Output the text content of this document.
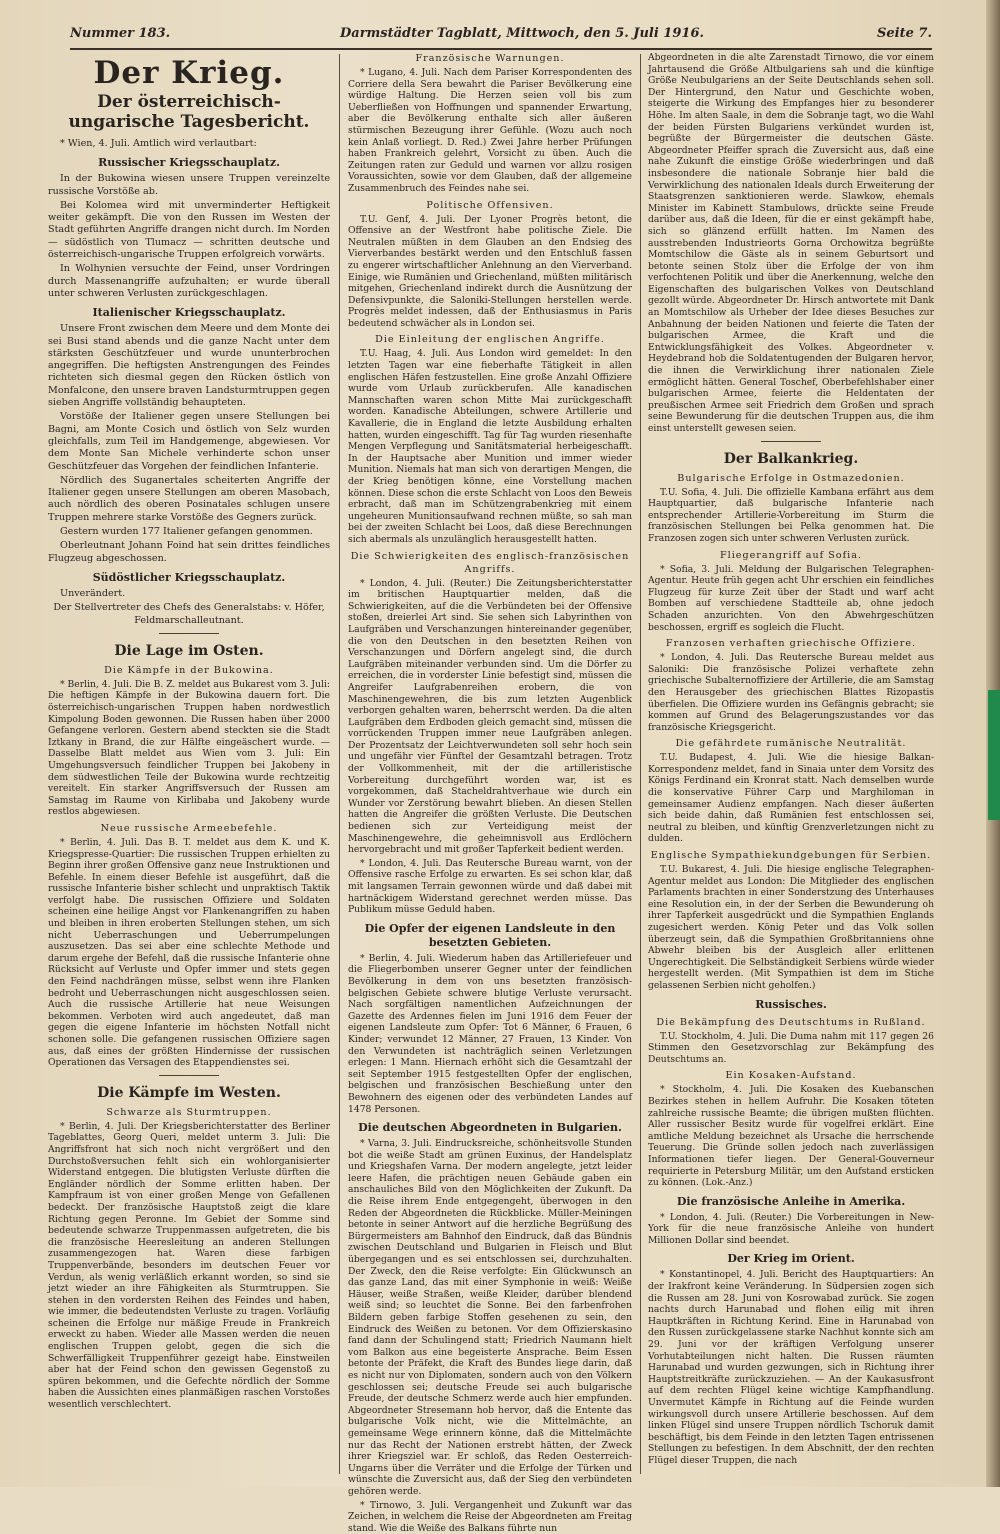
Nummer 183.	Darmstädter Tagblatt, Mittwoch, den 5. Juli 1916.	Seite 7.
Der Krieg.
Der österreichisch-ungarische Tagesbericht.

* Wien, 4. Juli. Amtlich wird verlautbart:

Russischer Kriegsschauplatz.

In der Bukowina wiesen unsere Truppen vereinzelte russische Vorstöße ab.

Bei Kolomea wird mit unverminderter Heftigkeit weiter gekämpft. Die von den Russen im Westen der Stadt geführten Angriffe drangen nicht durch. Im Norden — südöstlich von Tlumacz — schritten deutsche und österreichisch-ungarische Truppen erfolgreich vorwärts.

In Wolhynien versuchte der Feind, unser Vordringen durch Massenangriffe aufzuhalten; er wurde überall unter schweren Verlusten zurückgeschlagen.

Italienischer Kriegsschauplatz.

Unsere Front zwischen dem Meere und dem Monte dei sei Busi stand abends und die ganze Nacht unter dem stärksten Geschützfeuer und wurde ununterbrochen angegriffen. Die heftigsten Anstrengungen des Feindes richteten sich diesmal gegen den Rücken östlich von Monfalcone, den unsere braven Landsturmtruppen gegen sieben Angriffe vollständig behaupteten.

Vorstöße der Italiener gegen unsere Stellungen bei Bagni, am Monte Cosich und östlich von Selz wurden gleichfalls, zum Teil im Handgemenge, abgewiesen. Vor dem Monte San Michele verhinderte schon unser Geschützfeuer das Vorgehen der feindlichen Infanterie.

Nördlich des Suganertales scheiterten Angriffe der Italiener gegen unsere Stellungen am oberen Masobach, auch nördlich des oberen Posinatales schlugen unsere Truppen mehrere starke Vorstöße des Gegners zurück.

Gestern wurden 177 Italiener gefangen genommen.

Oberleutnant Johann Foind hat sein drittes feindliches Flugzeug abgeschossen.

Südöstlicher Kriegsschauplatz.

Unverändert.

Der Stellvertreter des Chefs des Generalstabs: v. Höfer, Feldmarschalleutnant.

Die Lage im Osten.
Die Kämpfe in der Bukowina.

* Berlin, 4. Juli. Die B. Z. meldet aus Bukarest vom 3. Juli: Die heftigen Kämpfe in der Bukowina dauern fort. Die österreichisch-ungarischen Truppen haben nordwestlich Kimpolung Boden gewonnen. Die Russen haben über 2000 Gefangene verloren. Gestern abend steckten sie die Stadt Iztkany in Brand, die zur Hälfte eingeäschert wurde. — Dasselbe Blatt meldet aus Wien vom 3. Juli: Ein Umgehungsversuch feindlicher Truppen bei Jakobeny in dem südwestlichen Teile der Bukowina wurde rechtzeitig vereitelt. Ein starker Angriffsversuch der Russen am Samstag im Raume von Kirlibaba und Jakobeny wurde restlos abgewiesen.

Neue russische Armeebefehle.

* Berlin, 4. Juli. Das B. T. meldet aus dem K. und K. Kriegspresse-Quartier: Die russischen Truppen erhielten zu Beginn ihrer großen Offensive ganz neue Instruktionen und Befehle. In einem dieser Befehle ist ausgeführt, daß die russische Infanterie bisher schlecht und unpraktisch Taktik verfolgt habe. Die russischen Offiziere und Soldaten scheinen eine heilige Angst vor Flankenangriffen zu haben und bleiben in ihren eroberten Stellungen stehen, um sich nicht Ueberraschungen und Ueberrumpelungen auszusetzen. Das sei aber eine schlechte Methode und darum ergehe der Befehl, daß die russische Infanterie ohne Rücksicht auf Verluste und Opfer immer und stets gegen den Feind nachdrängen müsse, selbst wenn ihre Flanken bedroht und Ueberraschungen nicht ausgeschlossen seien. Auch die russische Artillerie hat neue Weisungen bekommen. Verboten wird auch angedeutet, daß man gegen die eigene Infanterie im höchsten Notfall nicht schonen solle. Die gefangenen russischen Offiziere sagen aus, daß eines der größten Hindernisse der russischen Operationen das Versagen des Etappendienstes sei.

Die Kämpfe im Westen.
Schwarze als Sturmtruppen.

* Berlin, 4. Juli. Der Kriegsberichterstatter des Berliner Tageblattes, Georg Queri, meldet unterm 3. Juli: Die Angriffsfront hat sich noch nicht vergrößert und den Durchstoßversuchen fehlt sich ein wohlorganisierter Widerstand entgegen. Die blutigsten Verluste dürften die Engländer nördlich der Somme erlitten haben. Der Kampfraum ist von einer großen Menge von Gefallenen bedeckt. Der französische Hauptstoß zeigt die klare Richtung gegen Peronne. Im Gebiet der Somme sind bedeutende schwarze Truppenmassen aufgetreten, die bis die französische Heeresleitung an anderen Stellungen zusammengezogen hat. Waren diese farbigen Truppenverbände, besonders im deutschen Feuer vor Verdun, als wenig verläßlich erkannt worden, so sind sie jetzt wieder an ihre Fähigkeiten als Sturmtruppen. Sie stehen in den vordersten Reihen des Feindes und haben, wie immer, die bedeutendsten Verluste zu tragen. Vorläufig scheinen die Erfolge nur mäßige Freude in Frankreich erweckt zu haben. Wieder alle Massen werden die neuen englischen Truppen gelobt, gegen die sich die Schwerfälligkeit Truppenführer gezeigt habe. Einstweilen aber hat der Feind schon den gewissen Gegenstoß zu spüren bekommen, und die Gefechte nördlich der Somme haben die Aussichten eines planmäßigen raschen Vorstoßes wesentlich verschlechtert.

Französische Warnungen.

* Lugano, 4. Juli. Nach dem Pariser Korrespondenten des Corriere della Sera bewahrt die Pariser Bevölkerung eine würdige Haltung. Die Herzen seien voll bis zum Ueberfließen von Hoffnungen und spannender Erwartung, aber die Bevölkerung enthalte sich aller äußeren stürmischen Bezeugung ihrer Gefühle. (Wozu auch noch kein Anlaß vorliegt. D. Red.) Zwei Jahre herber Prüfungen haben Frankreich gelehrt, Vorsicht zu üben. Auch die Zeitungen raten zur Geduld und warnen vor allzu rosigen Voraussichten, sowie vor dem Glauben, daß der allgemeine Zusammenbruch des Feindes nahe sei.

Politische Offensiven.

T.U. Genf, 4. Juli. Der Lyoner Progrès betont, die Offensive an der Westfront habe politische Ziele. Die Neutralen müßten in dem Glauben an den Endsieg des Vierverbandes bestärkt werden und den Entschluß fassen zu engerer wirtschaftlicher Anlehnung an den Vierverband. Einige, wie Rumänien und Griechenland, müßten militärisch mitgehen, Griechenland indirekt durch die Ausnützung der Defensivpunkte, die Saloniki-Stellungen herstellen werde. Progrès meldet indessen, daß der Enthusiasmus in Paris bedeutend schwächer als in London sei.

Die Einleitung der englischen Angriffe.

T.U. Haag, 4. Juli. Aus London wird gemeldet: In den letzten Tagen war eine fieberhafte Tätigkeit in allen englischen Häfen festzustellen. Eine große Anzahl Offiziere wurde vom Urlaub zurückberufen. Alle kanadischen Mannschaften waren schon Mitte Mai zurückgeschafft worden. Kanadische Abteilungen, schwere Artillerie und Kavallerie, die in England die letzte Ausbildung erhalten hatten, wurden eingeschifft. Tag für Tag wurden riesenhafte Mengen Verpflegung und Sanitätsmaterial herbeigeschafft. In der Hauptsache aber Munition und immer wieder Munition. Niemals hat man sich von derartigen Mengen, die der Krieg benötigen könne, eine Vorstellung machen können. Diese schon die erste Schlacht von Loos den Beweis erbracht, daß man im Schützengrabenkrieg mit einem ungeheuren Munitionsaufwand rechnen müßte, so sah man bei der zweiten Schlacht bei Loos, daß diese Berechnungen sich abermals als unzulänglich herausgestellt hatten.

Die Schwierigkeiten des englisch-französischen Angriffs.

* London, 4. Juli. (Reuter.) Die Zeitungsberichterstatter im britischen Hauptquartier melden, daß die Schwierigkeiten, auf die die Verbündeten bei der Offensive stoßen, dreierlei Art sind. Sie sehen sich Labyrinthen von Laufgräben und Verschanzungen hintereinander gegenüber, die von den Deutschen in den besetzten Reihen von Verschanzungen und Dörfern angelegt sind, die durch Laufgräben miteinander verbunden sind. Um die Dörfer zu erreichen, die in vorderster Linie befestigt sind, müssen die Angreifer Laufgrabenreihen erobern, die von Maschinengewehren, die bis zum letzten Augenblick verborgen gehalten waren, beherrscht werden. Da die alten Laufgräben dem Erdboden gleich gemacht sind, müssen die vorrückenden Truppen immer neue Laufgräben anlegen. Der Prozentsatz der Leichtverwundeten soll sehr hoch sein und ungefähr vier Fünftel der Gesamtzahl betragen. Trotz der Vollkommenheit, mit der die artilleristische Vorbereitung durchgeführt worden war, ist es vorgekommen, daß Stacheldrahtverhaue wie durch ein Wunder vor Zerstörung bewahrt blieben. An diesen Stellen hatten die Angreifer die größten Verluste. Die Deutschen bedienen sich zur Verteidigung meist der Maschinengewehre, die geheimnisvoll aus Erdlöchern hervorgebracht und mit großer Tapferkeit bedient werden.

* London, 4. Juli. Das Reutersche Bureau warnt, von der Offensive rasche Erfolge zu erwarten. Es sei schon klar, daß mit langsamen Terrain gewonnen würde und daß dabei mit hartnäckigem Widerstand gerechnet werden müsse. Das Publikum müsse Geduld haben.

Die Opfer der eigenen Landsleute in den besetzten Gebieten.

* Berlin, 4. Juli. Wiederum haben das Artilleriefeuer und die Fliegerbomben unserer Gegner unter der feindlichen Bevölkerung in dem von uns besetzten französisch-belgischen Gebiete schwere blutige Verluste verursacht. Nach sorgfältigen namentlichen Aufzeichnungen der Gazette des Ardennes fielen im Juni 1916 dem Feuer der eigenen Landsleute zum Opfer: Tot 6 Männer, 6 Frauen, 6 Kinder; verwundet 12 Männer, 27 Frauen, 13 Kinder. Von den Verwundeten ist nachträglich seinen Verletzungen erlegen: 1 Mann. Hiernach erhöht sich die Gesamtzahl der seit September 1915 festgestellten Opfer der englischen, belgischen und französischen Beschießung unter den Bewohnern des eigenen oder des verbündeten Landes auf 1478 Personen.

Die deutschen Abgeordneten in Bulgarien.

* Varna, 3. Juli. Eindrucksreiche, schönheitsvolle Stunden bot die weiße Stadt am grünen Euxinus, der Handelsplatz und Kriegshafen Varna. Der modern angelegte, jetzt leider leere Hafen, die prächtigen neuen Gebäude gaben ein anschauliches Bild von den Möglichkeiten der Zukunft. Da die Reise ihrem Ende entgegengeht, überwogen in den Reden der Abgeordneten die Rückblicke. Müller-Meiningen betonte in seiner Antwort auf die herzliche Begrüßung des Bürgermeisters am Bahnhof den Eindruck, daß das Bündnis zwischen Deutschland und Bulgarien in Fleisch und Blut übergegangen und es sei entschlossen sei, durchzuhalten. Der Zweck, den die Reise verfolgte: Ein Glückwunsch an das ganze Land, das mit einer Symphonie in weiß: Weiße Häuser, weiße Straßen, weiße Kleider, darüber blendend weiß sind; so leuchtet die Sonne. Bei den farbenfrohen Bildern geben farbige Stoffen gesehenen zu sein, den Eindruck des Weißen zu betonen. Vor dem Offizierskasino fand dann der Schulingend statt; Friedrich Naumann hielt vom Balkon aus eine begeisterte Ansprache. Beim Essen betonte der Präfekt, die Kraft des Bundes liege darin, daß es nicht nur von Diplomaten, sondern auch von den Völkern geschlossen sei; deutsche Freude sei auch bulgarische Freude, der deutsche Schmerz werde auch hier empfunden. Abgeordneter Stresemann hob hervor, daß die Entente das bulgarische Volk nicht, wie die Mittelmächte, an gemeinsame Wege erinnern könne, daß die Mittelmächte nur das Recht der Nationen erstrebt hätten, der Zweck ihrer Kriegsziel war. Er schloß, das Reden Oesterreich-Ungarns über die Verräter und die Erfolge der Türken und wünschte die Zuversicht aus, daß der Sieg den verbündeten gehören werde.

* Tirnowo, 3. Juli. Vergangenheit und Zukunft war das Zeichen, in welchem die Reise der Abgeordneten am Freitag stand. Wie die Weiße des Balkans führte nun

Abgeordneten in die alte Zarenstadt Tirnowo, die vor einem Jahrtausend die Größe Altbulgariens sah und die künftige Größe Neubulgariens an der Seite Deutschlands sehen soll. Der Hintergrund, den Natur und Geschichte woben, steigerte die Wirkung des Empfanges hier zu besonderer Höhe. Im alten Saale, in dem die Sobranje tagt, wo die Wahl der beiden Fürsten Bulgariens verkündet wurden ist, begrüßte der Bürgermeister die deutschen Gäste. Abgeordneter Pfeiffer sprach die Zuversicht aus, daß eine nahe Zukunft die einstige Größe wiederbringen und daß insbesondere die nationale Sobranje hier bald die Verwirklichung des nationalen Ideals durch Erweiterung der Staatsgrenzen sanktionieren werde. Slawkow, ehemals Minister im Kabinett Stambulows, drückte seine Freude darüber aus, daß die Ideen, für die er einst gekämpft habe, sich so glänzend erfüllt hatten. Im Namen des ausstrebenden Industrieorts Gorna Orchowitza begrüßte Momtschilow die Gäste als in seinem Geburtsort und betonte seinen Stolz über die Erfolge der von ihm verfochtenen Politik und über die Anerkennung, welche den Eigenschaften des bulgarischen Volkes von Deutschland gezollt würde. Abgeordneter Dr. Hirsch antwortete mit Dank an Momtschilow als Urheber der Idee dieses Besuches zur Anbahnung der beiden Nationen und feierte die Taten der bulgarischen Armee, die Kraft und die Entwicklungsfähigkeit des Volkes. Abgeordneter v. Heydebrand hob die Soldatentugenden der Bulgaren hervor, die ihnen die Verwirklichung ihrer nationalen Ziele ermöglicht hätten. General Toschef, Oberbefehlshaber einer bulgarischen Armee, feierte die Heldentaten der preußischen Armee seit Friedrich dem Großen und sprach seine Bewunderung für die deutschen Truppen aus, die ihm einst unterstellt gewesen seien.

Der Balkankrieg.
Bulgarische Erfolge in Ostmazedonien.

T.U. Sofia, 4. Juli. Die offizielle Kambana erfährt aus dem Hauptquartier, daß bulgarische Infanterie nach entsprechender Artillerie-Vorbereitung im Sturm die französischen Stellungen bei Pelka genommen hat. Die Franzosen zogen sich unter schweren Verlusten zurück.

Fliegerangriff auf Sofia.

* Sofia, 3. Juli. Meldung der Bulgarischen Telegraphen-Agentur. Heute früh gegen acht Uhr erschien ein feindliches Flugzeug für kurze Zeit über der Stadt und warf acht Bomben auf verschiedene Stadtteile ab, ohne jedoch Schaden anzurichten. Von den Abwehrgeschützen beschossen, ergriff es sogleich die Flucht.

Franzosen verhaften griechische Offiziere.

* London, 4. Juli. Das Reutersche Bureau meldet aus Saloniki: Die französische Polizei verhaftete zehn griechische Subalternoffiziere der Artillerie, die am Samstag den Herausgeber des griechischen Blattes Rizopastis überfielen. Die Offiziere wurden ins Gefängnis gebracht; sie kommen auf Grund des Belagerungszustandes vor das französische Kriegsgericht.

Die gefährdete rumänische Neutralität.

T.U. Budapest, 4. Juli. Wie die hiesige Balkan-Korrespondenz meldet, fand in Sinaia unter dem Vorsitz des Königs Ferdinand ein Kronrat statt. Nach demselben wurde die konservative Führer Carp und Marghiloman in gemeinsamer Audienz empfangen. Nach dieser äußerten sich beide dahin, daß Rumänien fest entschlossen sei, neutral zu bleiben, und künftig Grenzverletzungen nicht zu dulden.

Englische Sympathiekundgebungen für Serbien.

T.U. Bukarest, 4. Juli. Die hiesige englische Telegraphen-Agentur meldet aus London: Die Mitglieder des englischen Parlaments brachten in einer Sonderstzung des Unterhauses eine Resolution ein, in der der Serben die Bewunderung oh ihrer Tapferkeit ausgedrückt und die Sympathien Englands zugesichert werden. König Peter und das Volk sollen überzeugt sein, daß die Sympathien Großbritanniens ohne Abwehr bleiben bis der Ausgleich aller erlittenen Ungerechtigkeit. Die Selbständigkeit Serbiens würde wieder hergestellt werden. (Mit Sympathien ist dem im Stiche gelassenen Serbien nicht geholfen.)

Russisches.
Die Bekämpfung des Deutschtums in Rußland.

T.U. Stockholm, 4. Juli. Die Duma nahm mit 117 gegen 26 Stimmen den Gesetzvorschlag zur Bekämpfung des Deutschtums an.

Ein Kosaken-Aufstand.

* Stockholm, 4. Juli. Die Kosaken des Kuebanschen Bezirkes stehen in hellem Aufruhr. Die Kosaken töteten zahlreiche russische Beamte; die übrigen mußten flüchten. Aller russischer Besitz wurde für vogelfrei erklärt. Eine amtliche Meldung bezeichnet als Ursache die herrschende Teuerung. Die Gründe sollen jedoch nach zuverlässigen Informationen tiefer liegen. Der General-Gouverneur requirierte in Petersburg Militär, um den Aufstand ersticken zu können. (Lok.-Anz.)

Die französische Anleihe in Amerika.

* London, 4. Juli. (Reuter.) Die Vorbereitungen in New-York für die neue französische Anleihe von hundert Millionen Dollar sind beendet.

Der Krieg im Orient.

* Konstantinopel, 4. Juli. Bericht des Hauptquartiers: An der Irakfront keine Veränderung. In Südpersien zogen sich die Russen am 28. Juni von Kosrowabad zurück. Sie zogen nachts durch Harunabad und flohen eilig mit ihren Hauptkräften in Richtung Kerind. Eine in Harunabad von den Russen zurückgelassene starke Nachhut konnte sich am 29. Juni vor der kräftigen Verfolgung unserer Vorhutabteilungen nicht halten. Die Russen räumten Harunabad und wurden gezwungen, sich in Richtung ihrer Hauptstreitkräfte zurückzuziehen. — An der Kaukasusfront auf dem rechten Flügel keine wichtige Kampfhandlung. Unvermutet Kämpfe in Richtung auf die Feinde wurden wirkungsvoll durch unsere Artillerie beschossen. Auf dem linken Flügel sind unsere Truppen nördlich Tschoruk damit beschäftigt, bis dem Feinde in den letzten Tagen entrissenen Stellungen zu befestigen. In dem Abschnitt, der den rechten Flügel dieser Truppen, die nach
